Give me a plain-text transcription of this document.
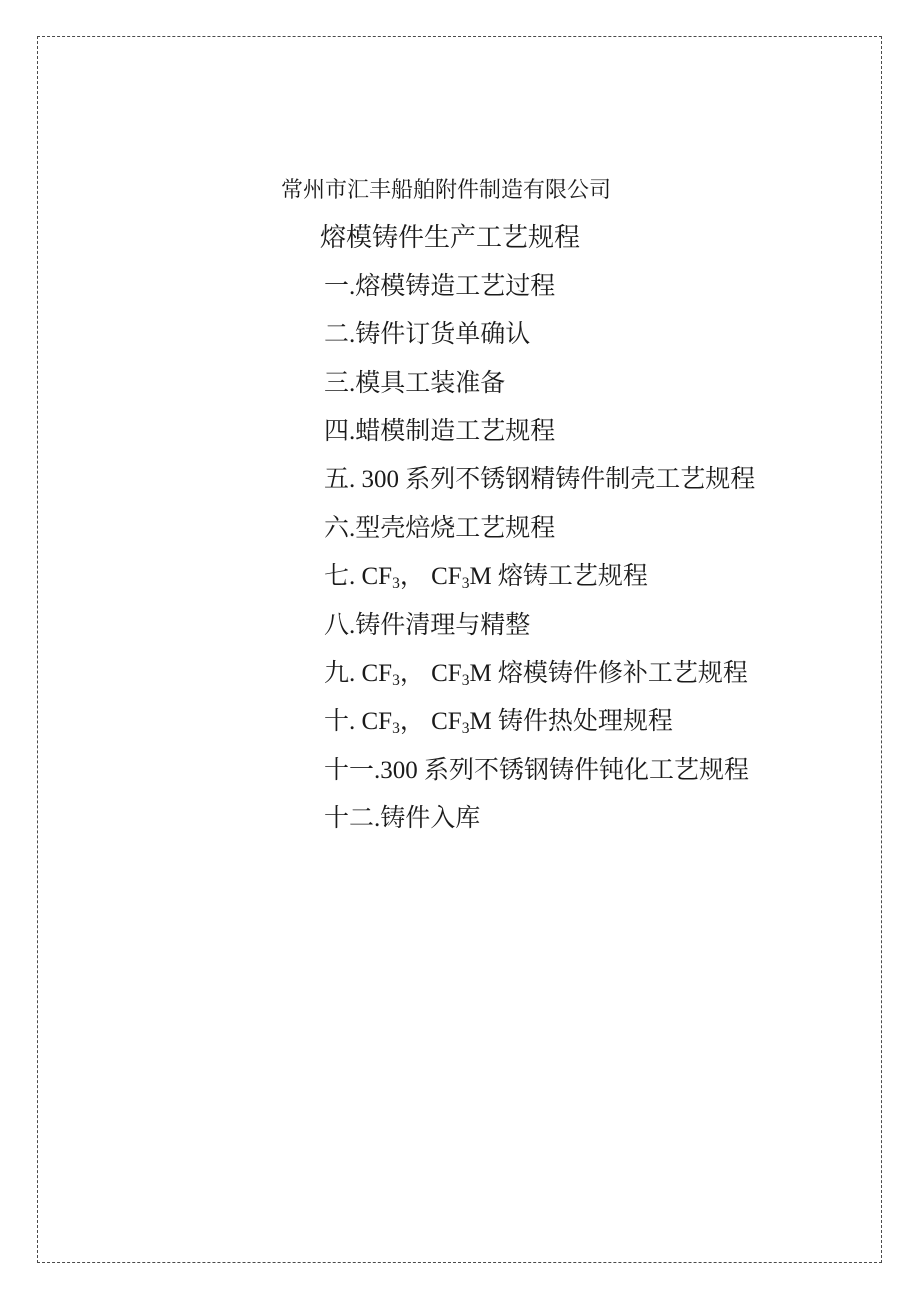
常州市汇丰船舶附件制造有限公司
熔模铸件生产工艺规程
一.熔模铸造工艺过程
二.铸件订货单确认
三.模具工装准备
四.蜡模制造工艺规程
五. 300 系列不锈钢精铸件制壳工艺规程
六.型壳焙烧工艺规程
七. $CF_3$， $CF_3M$ 熔铸工艺规程
八.铸件清理与精整
九. $CF_3$， $CF_3M$ 熔模铸件修补工艺规程
十. $CF_3$， $CF_3M$ 铸件热处理规程
十一.300 系列不锈钢铸件钝化工艺规程
十二.铸件入库
